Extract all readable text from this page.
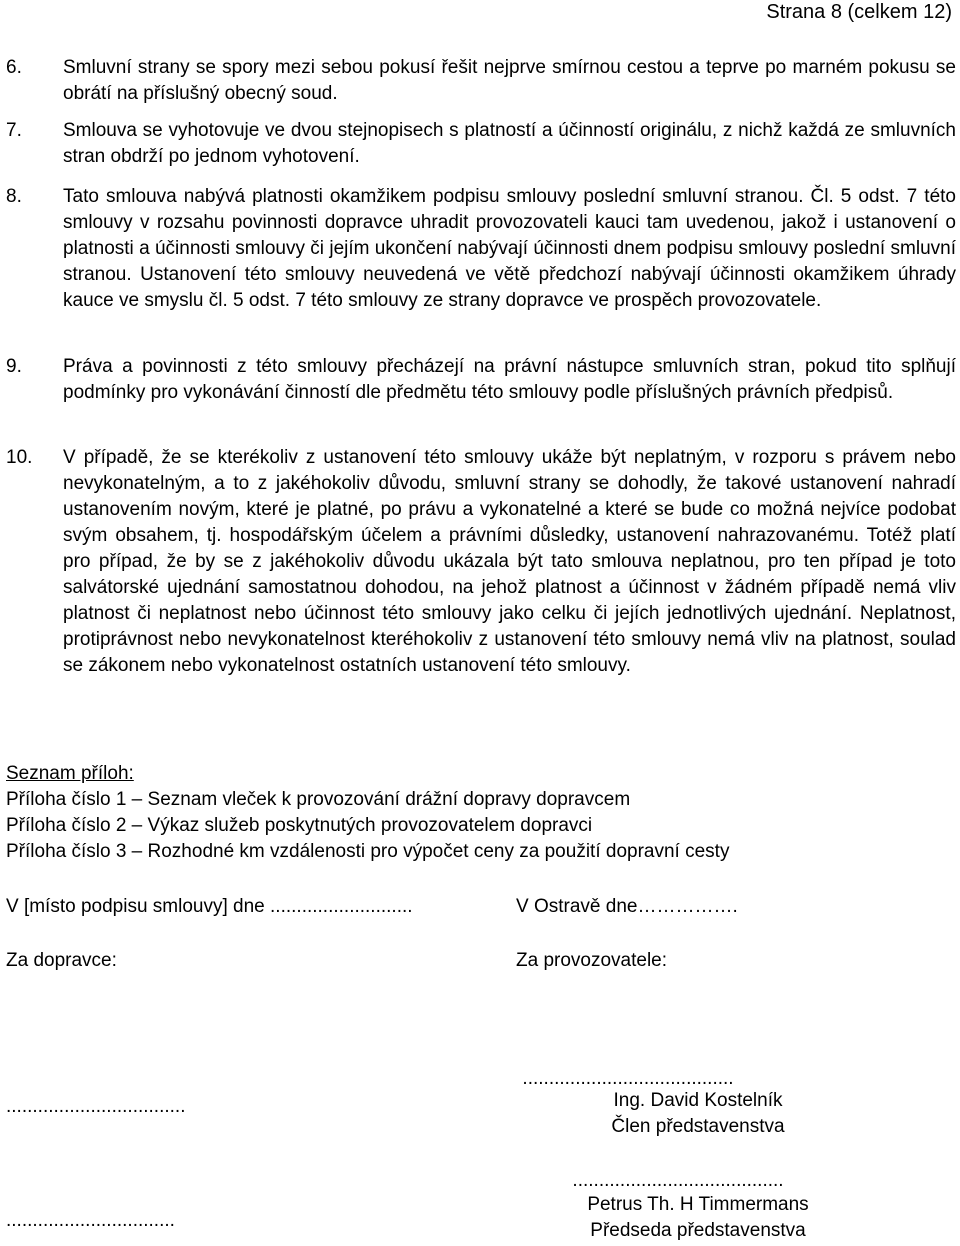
Strana 8 (celkem 12)
6. Smluvní strany se spory mezi sebou pokusí řešit nejprve smírnou cestou a teprve po marném pokusu se obrátí na příslušný obecný soud.
7. Smlouva se vyhotovuje ve dvou stejnopisech s platností a účinností originálu, z nichž každá ze smluvních stran obdrží po jednom vyhotovení.
8. Tato smlouva nabývá platnosti okamžikem podpisu smlouvy poslední smluvní stranou. Čl. 5 odst. 7 této smlouvy v rozsahu povinnosti dopravce uhradit provozovateli kauci tam uvedenou, jakož i ustanovení o platnosti a účinnosti smlouvy či jejím ukončení nabývají účinnosti dnem podpisu smlouvy poslední smluvní stranou. Ustanovení této smlouvy neuvedená ve větě předchozí nabývají účinnosti okamžikem úhrady kauce ve smyslu čl. 5 odst. 7 této smlouvy ze strany dopravce ve prospěch provozovatele.
9. Práva a povinnosti z této smlouvy přecházejí na právní nástupce smluvních stran, pokud tito splňují podmínky pro vykonávání činností dle předmětu této smlouvy podle příslušných právních předpisů.
10. V případě, že se kterékoliv z ustanovení této smlouvy ukáže být neplatným, v rozporu s právem nebo nevykonatelným, a to z jakéhokoliv důvodu, smluvní strany se dohodly, že takové ustanovení nahradí ustanovením novým, které je platné, po právu a vykonatelné a které se bude co možná nejvíce podobat svým obsahem, tj. hospodářským účelem a právními důsledky, ustanovení nahrazovanému. Totéž platí pro případ, že by se z jakéhokoliv důvodu ukázala být tato smlouva neplatnou, pro ten případ je toto salvátorské ujednání samostatnou dohodou, na jehož platnost a účinnost v žádném případě nemá vliv platnost či neplatnost nebo účinnost této smlouvy jako celku či jejích jednotlivých ujednání. Neplatnost, protiprávnost nebo nevykonatelnost kteréhokoliv z ustanovení této smlouvy nemá vliv na platnost, soulad se zákonem nebo vykonatelnost ostatních ustanovení této smlouvy.
Seznam příloh:
Příloha číslo 1 – Seznam vleček k provozování drážní dopravy dopravcem
Příloha číslo 2 – Výkaz služeb poskytnutých provozovatelem dopravci
Příloha číslo 3 – Rozhodné km vzdálenosti pro výpočet ceny za použití dopravní cesty
V [místo podpisu smlouvy] dne ...........................	V Ostravě dne…………….
Za dopravce:	Za provozovatele:
..................................
................................
........................................
Ing. David Kostelník
Člen představenstva
........................................
Petrus Th. H Timmermans
Předseda představenstva
